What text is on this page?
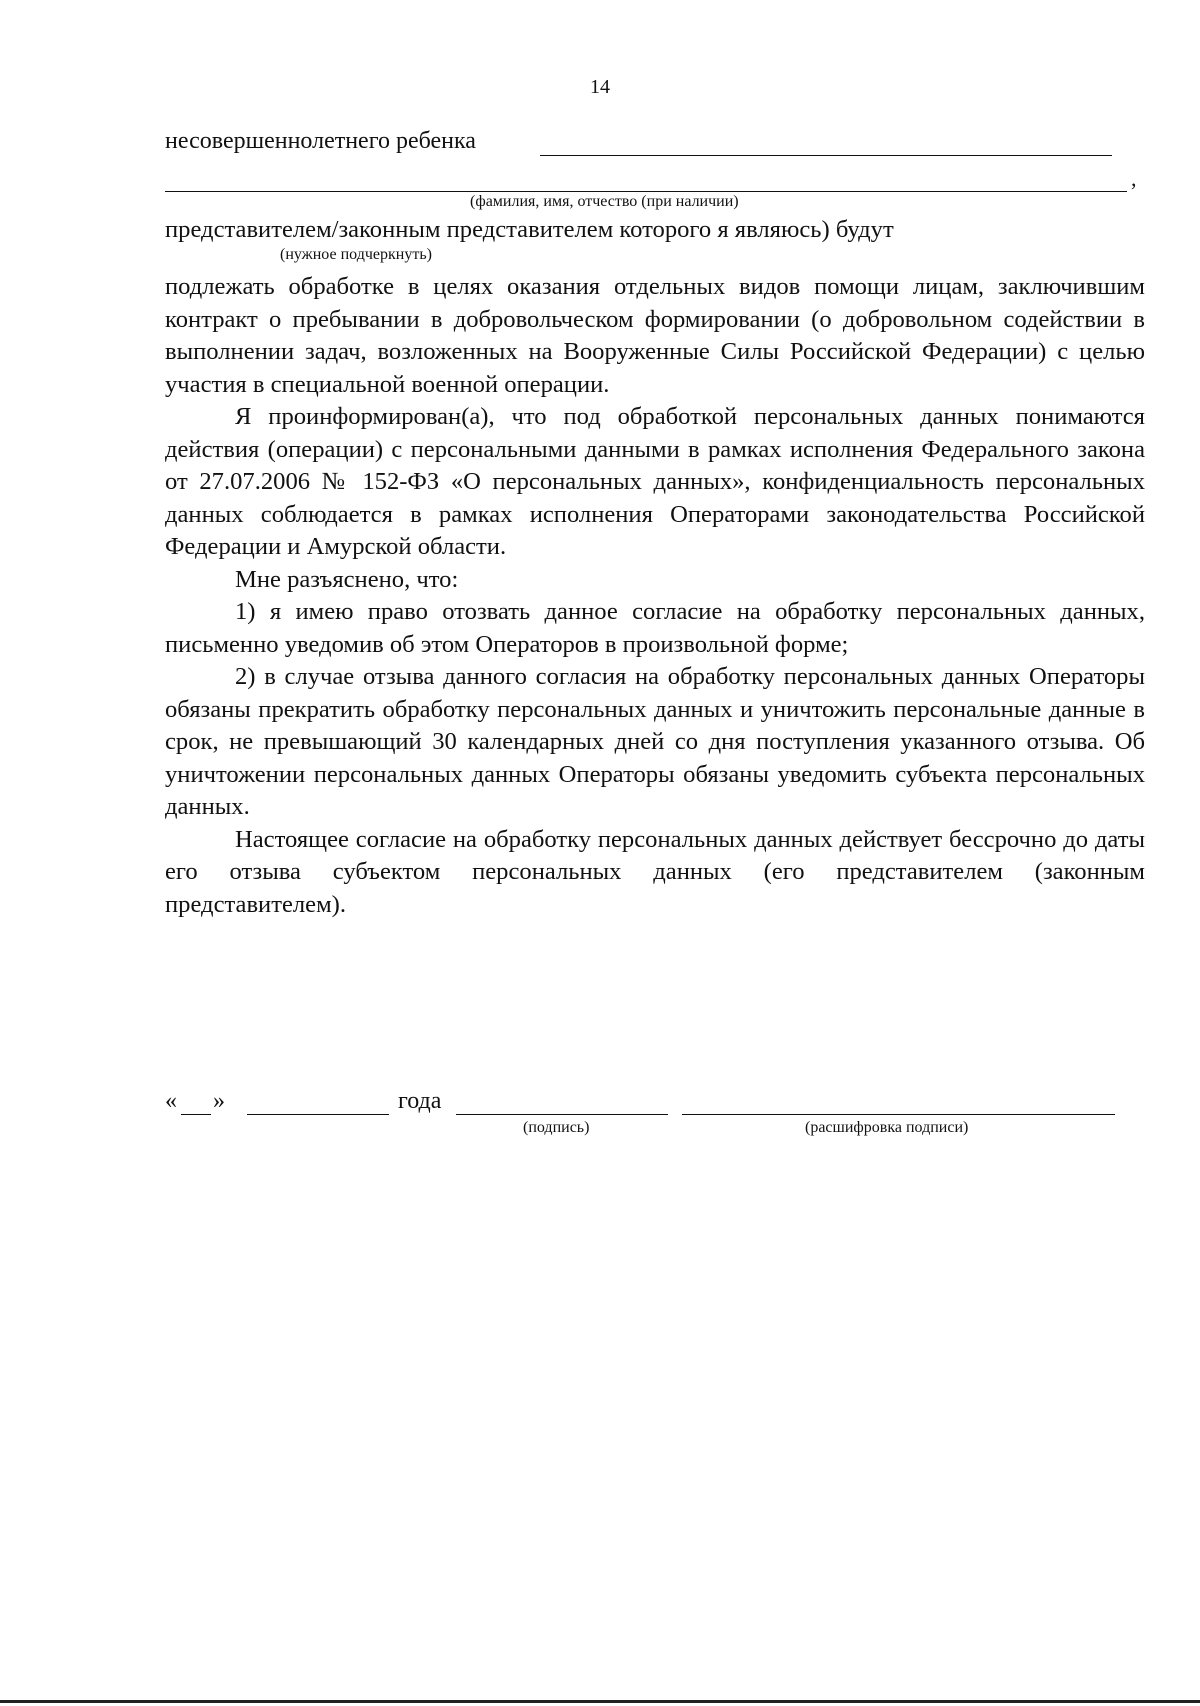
14
несовершеннолетнего ребенка
,
(фамилия, имя, отчество (при наличии)
представителем/законным представителем которого я являюсь) будут
(нужное подчеркнуть)

подлежать обработке в целях оказания отдельных видов помощи лицам, заключившим контракт о пребывании в добровольческом формировании (о добровольном содействии в выполнении задач, возложенных на Вооруженные Силы Российской Федерации) с целью участия в специальной военной операции.

Я проинформирован(а), что под обработкой персональных данных понимаются действия (операции) с персональными данными в рамках исполнения Федерального закона от 27.07.2006 № 152-ФЗ «О персональных данных», конфиденциальность персональных данных соблюдается в рамках исполнения Операторами законодательства Российской Федерации и Амурской области.

Мне разъяснено, что:

1) я имею право отозвать данное согласие на обработку персональных данных, письменно уведомив об этом Операторов в произвольной форме;

2) в случае отзыва данного согласия на обработку персональных данных Операторы обязаны прекратить обработку персональных данных и уничтожить персональные данные в срок, не превышающий 30 календарных дней со дня поступления указанного отзыва. Об уничтожении персональных данных Операторы обязаны уведомить субъекта персональных данных.

Настоящее согласие на обработку персональных данных действует бессрочно до даты его отзыва субъектом персональных данных (его представителем (законным представителем).

« »	года
(подпись)	(расшифровка подписи)
